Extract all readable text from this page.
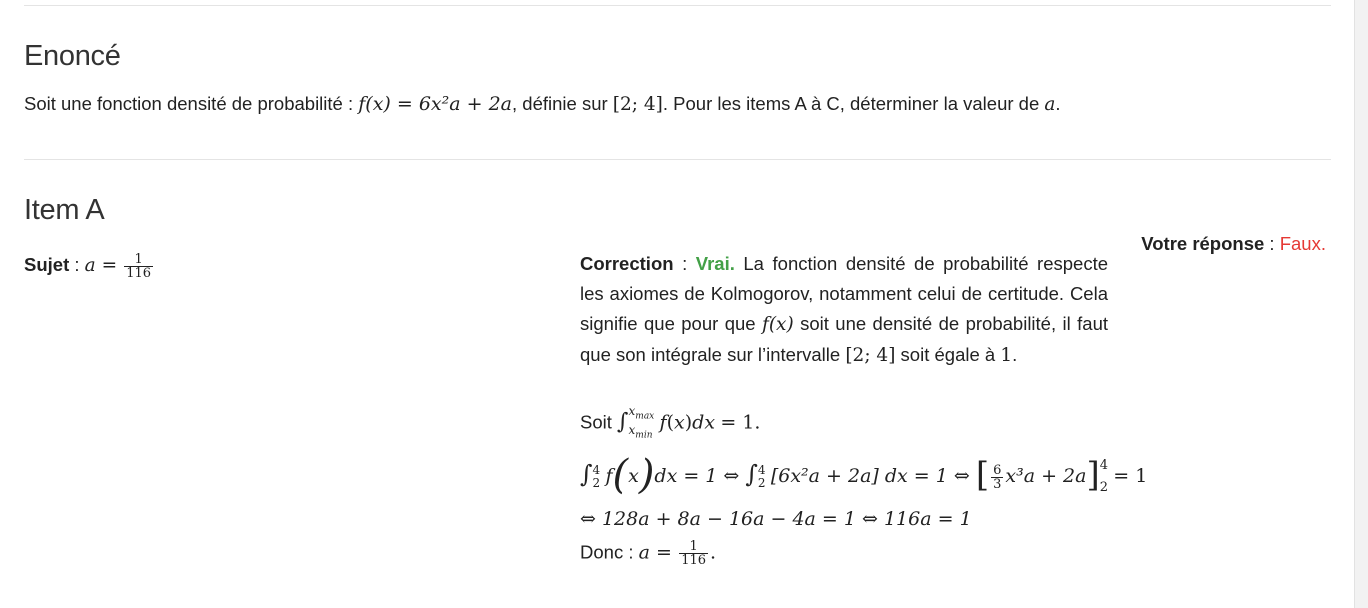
Enoncé
Soit une fonction densité de probabilité : f(x) = 6x²a + 2a, définie sur [2; 4]. Pour les items A à C, déterminer la valeur de a.
Item A
Sujet : $a = \frac{1}{116}$
Votre réponse : Faux.
Correction : Vrai. La fonction densité de probabilité respecte les axiomes de Kolmogorov, notamment celui de certitude. Cela signifie que pour que f(x) soit une densité de probabilité, il faut que son intégrale sur l’intervalle [2; 4] soit égale à 1.
Soit ∫ $x_{max}$
$x_{min}$
f(x)dx = 1.
∫ 4
2 f(x)dx = 1 ⇔ ∫ 4
2 [6x²a + 2a] dx = 1 ⇔ [ $\frac{6}{3} x^3a + 2a$] 4
2
= 1
⇔ 128a + 8a − 16a − 4a = 1 ⇔ 116a = 1
Donc : $a = \frac{1}{116}$ .
